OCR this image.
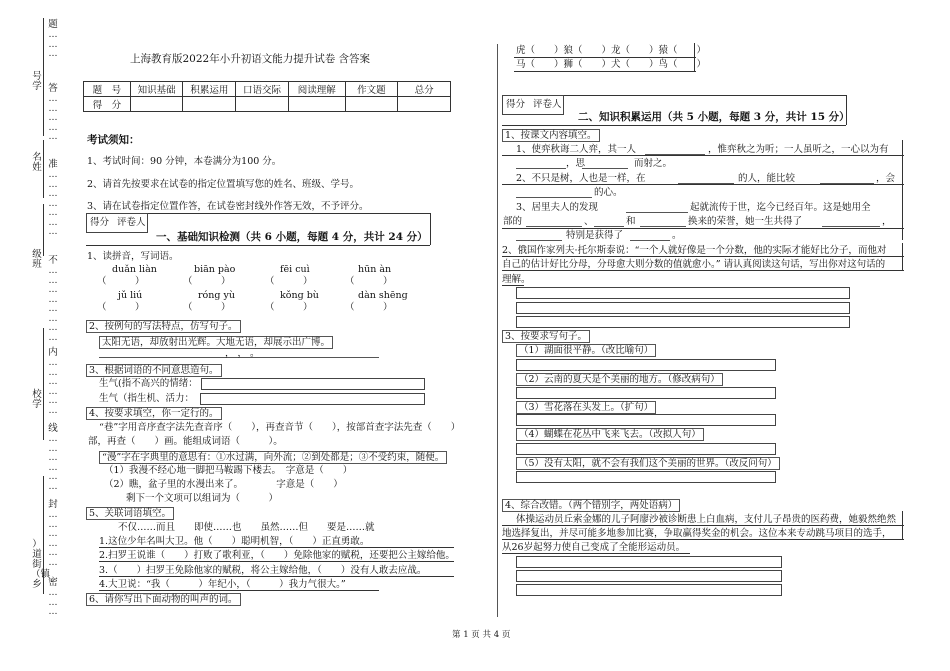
号学
名姓
级班
校学
）道街（镇乡
题
…
…
…
答
…
…
…
…
…
准
…
…
…
…
…
…
…
不
…
…
…
…
…
…
…
…
内
…
…
…
…
…
…
线
…
…
…
…
…
…
封
…
…
…
…
…
…
密
…
…
…
上海教育版2022年小升初语文能力提升试卷 含答案
题　号	知识基础	积累运用	口语交际	阅读理解	作文题	总分
得　分						
考试须知：
1、考试时间：90 分钟，本卷满分为100 分。
2、请首先按要求在试卷的指定位置填写您的姓名、班级、学号。
3、请在试卷指定位置作答，在试卷密封线外作答无效，不予评分。
得分 评卷人
一、基础知识检测（共 6 小题，每题 4 分，共计 24 分）
1、读拼音，写词语。
duǎn liàn	biān pào	fēi cuì	hūn àn
（　　　）	（　　　）	（　　　）	（　　　）
jǔ liú	róng yù	kǒng bù	dàn shēng
（　　　）	（　　　）	（　　　）	（　　　）
2、按例句的写法特点，仿写句子。
太阳无语，却放射出光辉。大地无语，却展示出广博。
， ， 。
3、根据词语的不同意思造句。
生气(指不高兴的情绪：
生气（指生机、活力：
4、按要求填空，你一定行的。
“巷”字用音序查字法先查音序（　　），再查音节（　　），按部首查字法先查（　　）
部，再查（　　）画。能组成词语（　　　）。
“漫”字在字典里的意思有：①水过满，向外流；②到处都是；③不受约束，随便。
（1）我漫不经心地一脚把马鞍踢下楼去。　字意是（　　）
（2）瞧，盆子里的水漫出来了。　　　　字意是（　　）
剩下一个文项可以组词为（　　　）
5、关联词语填空。
不仅……而且　　即使……也　　虽然……但　　要是……就
1.这位少年名叫大卫。他（　　）聪明机智，（　　）正直勇敢。
2.扫罗王说谁（　　）打败了歌利亚，（　　）免除他家的赋税，还要把公主嫁给他。
3.（　　）扫罗王免除他家的赋税，将公主嫁给他，（　　）没有人敢去应战。
4.大卫说：“我（　　　）年纪小，（　　　）我力气很大。”
6、请你写出下面动物的叫声的词。
虎（　　）狼（　　）龙（　　）猿（　　）
马（　　）狮（　　）犬（　　）鸟（　　）
得分 评卷人
二、知识积累运用（共 5 小题，每题 3 分，共计 15 分）
1、按课文内容填空。
1、使弈秋诲二人弈，其一人	，惟弈秋之为听；一人虽听之，一心以为有
，思	而射之。
2、不只是树，人也是一样，在	的人，能比较	，会
的心。
3、居里夫人的发现	起就流传于世，迄今已经百年。这是她用全
部的	、	和	换来的荣誉，她一生共得了	，
特别是获得了	。
2、俄国作家列夫·托尔斯泰说：“一个人就好像是一个分数，他的实际才能好比分子，而他对
自己的估计好比分母，分母愈大则分数的值就愈小。” 请认真阅读这句话，写出你对这句话的
理解。
3、按要求写句子。
（1）湖面很平静。（改比喻句）
（2）云南的夏天是个美丽的地方。（修改病句）
（3）雪花落在头发上。（扩句）
（4）蝴蝶在花丛中飞来飞去。（改拟人句）
（5）没有太阳，就不会有我们这个美丽的世界。（改反问句）
4、综合改错。（两个错别字，两处语病）
体操运动员丘索金娜的儿子阿廖沙被诊断患上白血病，支付儿子昂贵的医药费，她毅然绝然
地选择复出，并尽可能多地参加比赛，争取赢得奖金的机会。这位本来专动跳马项目的选手，
从26岁起努力使自己变成了全能形运动员。
第 1 页 共 4 页
